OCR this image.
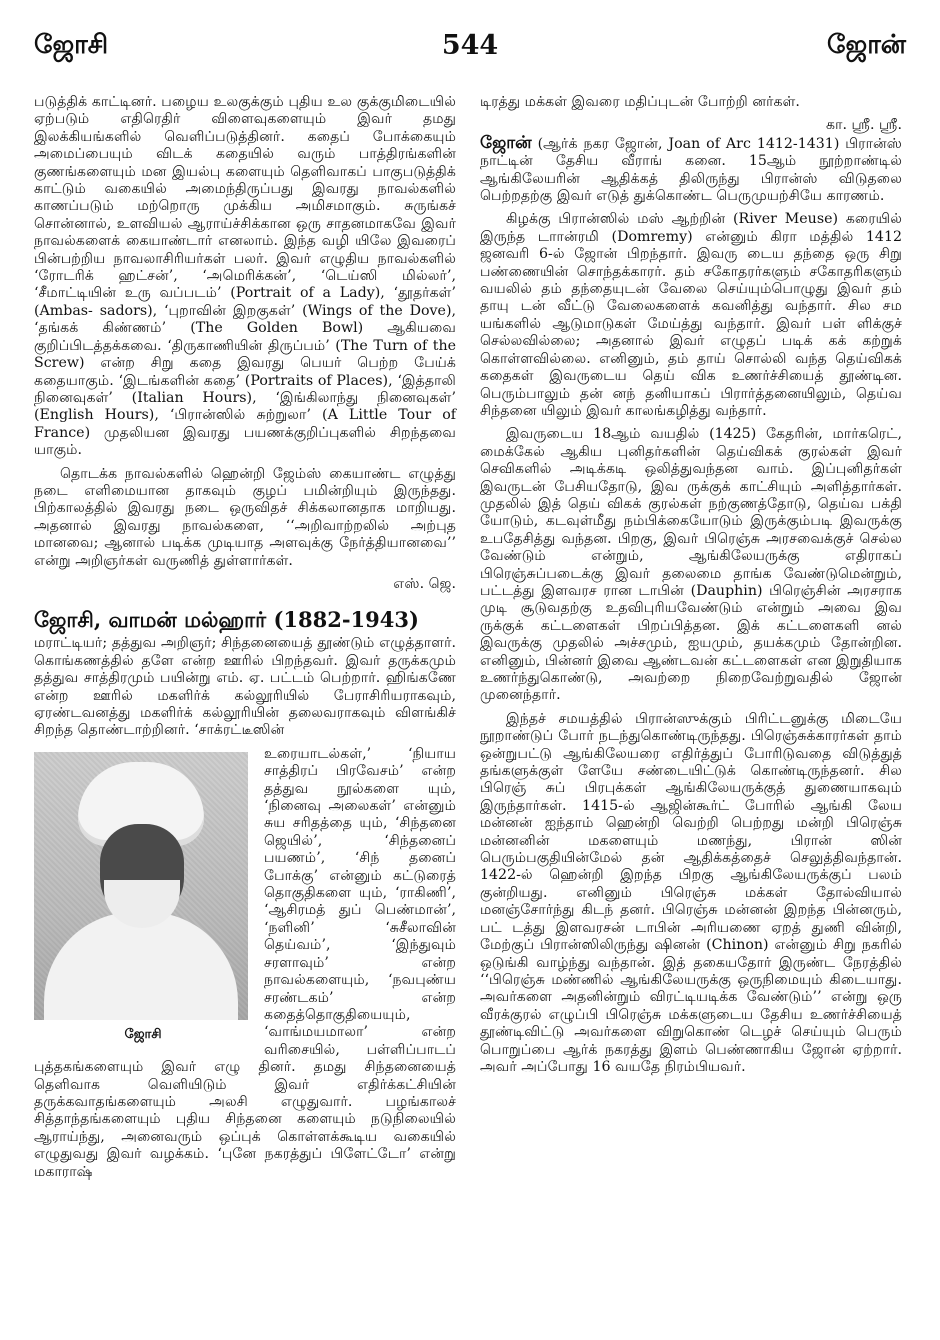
ஜோசி	544	ஜோன்

படுத்திக் காட்டினர். பழைய உலகுக்கும் புதிய உல குக்குமிடையில் ஏற்படும் எதிரெதிர் விளைவுகளையும் இவர் தமது இலக்கியங்களில் வெளிப்படுத்தினர். கதைப் போக்கையும் அமைப்பையும் விடக் கதையில் வரும் பாத்திரங்களின் குணங்களையும் மன இயல்பு களையும் தெளிவாகப் பாகுபடுத்திக் காட்டும் வகையில் அமைந்திருப்பது இவரது நாவல்களில் காணப்படும் மற்றொரு முக்கிய அமிசமாகும். சுருங்கச் சொன்னால், உளவியல் ஆராய்ச்சிக்கான ஒரு சாதனமாகவே இவர் நாவல்களைக் கையாண்டார் எனலாம். இந்த வழி யிலே இவரைப் பின்பற்றிய நாவலாசிரியர்கள் பலர். இவர் எழுதிய நாவல்களில் ‘ரோடரிக் ஹட்சன்’, ‘அமெரிக்கன்’, ‘டெய்ஸி மில்லர்’, ‘சீமாட்டியின் உரு வப்படம்’ (Portrait of a Lady), ‘தூதர்கள்’ (Ambas- sadors), ‘புறாவின் இறகுகள்’ (Wings of the Dove), ‘தங்கக் கிண்ணம்’ (The Golden Bowl) ஆகியவை குறிப்பிடத்தக்கவை. ‘திருகாணியின் திருப்பம்’ (The Turn of the Screw) என்ற சிறு கதை இவரது பெயர் பெற்ற பேய்க் கதையாகும். ‘இடங்களின் கதை’ (Portraits of Places), ‘இத்தாலி நினைவுகள்’ (Italian Hours), ‘இங்கிலாந்து நினைவுகள்’ (English Hours), ‘பிரான்ஸில் சுற்றுலா’ (A Little Tour of France) முதலியன இவரது பயணக்குறிப்புகளில் சிறந்தவை யாகும்.

தொடக்க நாவல்களில் ஹென்றி ஜேம்ஸ் கையாண்ட எழுத்து நடை எளிமையான தாகவும் குழப் பமின்றியும் இருந்தது. பிற்காலத்தில் இவரது நடை ஒருவிதச் சிக்கலானதாக மாறியது. அதனால் இவரது நாவல்களை, ‘‘அறிவாற்றலில் அற்புத மானவை; ஆனால் படிக்க முடியாத அளவுக்கு நேர்த்தியானவை’’ என்று அறிஞர்கள் வருணித் துள்ளார்கள்.

எஸ். ஜெ.
ஜோசி, வாமன் மல்ஹார் (1882-1943)

மராட்டியர்; தத்துவ அறிஞர்; சிந்தனையைத் தூண்டும் எழுத்தாளர். கொங்கணத்தில் தளே என்ற ஊரில் பிறந்தவர். இவர் தருக்கமும் தத்துவ சாத்திரமும் பயின்று எம். ஏ. பட்டம் பெற்றார். ஹிங்கணே என்ற ஊரில் மகளிர்க் கல்லூரியில் பேராசிரியராகவும், ஏரண்டவனத்து மகளிர்க் கல்லூரியின் தலைவராகவும் விளங்கிச் சிறந்த தொண்டாற்றினர். ‘சாக்ரட்டீஸின்

ஜோசி

உரையாடல்கள்,’ ‘நியாய சாத்திரப் பிரவேசம்’ என்ற தத்துவ நூல்களை யும், ‘நினைவு அலைகள்’ என்னும் சுய சரிதத்தை யும், ‘சிந்தனை ஜெயில்’, ‘சிந்தனைப் பயணம்’, ‘சிந் தனைப் போக்கு’ என்னும் கட்டுரைத் தொகுதிகளை யும், ‘ராகிணி’, ‘ஆசிரமத் துப் பெண்மான்’, ‘நளினி’ ‘சுசீலாவின் தெய்வம்’, ‘இந்துவும் சரளாவும்’ என்ற நாவல்களையும், ‘நவபுண்ய சரண்டகம்’ என்ற கதைத்தொகுதியையும், ‘வாங்மயமாலா’ என்ற வரிசையில், பள்ளிப்பாடப் புத்தகங்களையும் இவர் எழு தினர். தமது சிந்தனையைத் தெளிவாக வெளியிடும் இவர் எதிர்க்கட்சியின் தருக்கவாதங்களையும் அலசி எழுதுவார். பழங்காலச் சித்தாந்தங்களையும் புதிய சிந்தனை களையும் நடுநிலையில் ஆராய்ந்து, அனைவரும் ஒப்புக் கொள்ளக்கூடிய வகையில் எழுதுவது இவர் வழக்கம். ‘புனே நகரத்துப் பிளேட்டோ’ என்று மகாராஷ்

டிரத்து மக்கள் இவரை மதிப்புடன் போற்றி னர்கள்.

கா. ஸ்ரீ. ஸ்ரீ.

ஜோன் (ஆர்க் நகர ஜோன், Joan of Arc 1412-1431) பிரான்ஸ் நாட்டின் தேசிய வீராங் கனை. 15ஆம் நூற்றாண்டில் ஆங்கிலேயரின் ஆதிக்கத் திலிருந்து பிரான்ஸ் விடுதலை பெற்றதற்கு இவர் எடுத் துக்கொண்ட பெருமுயற்சியே காரணம்.

கிழக்கு பிரான்ஸில் மஸ் ஆற்றின் (River Meuse) கரையில் இருந்த டாான்ரமி (Domremy) என்னும் கிரா மத்தில் 1412 ஜனவரி 6-ல் ஜோன் பிறந்தார். இவரு டைய தந்தை ஒரு சிறு பண்ணையின் சொந்தக்காரர். தம் சகோதரர்களும் சகோதரிகளும் வயலில் தம் தந்தையுடன் வேலை செய்யும்பொழுது இவர் தம் தாயு டன் வீட்டு வேலைகளைக் கவனித்து வந்தார். சில சம யங்களில் ஆடுமாடுகள் மேய்த்து வந்தார். இவர் பள் ளிக்குச் செல்லவில்லை; அதனால் இவர் எழுதப் படிக் கக் கற்றுக் கொள்ளவில்லை. எனினும், தம் தாய் சொல்லி வந்த தெய்விகக் கதைகள் இவருடைய தெய் விக உணர்ச்சியைத் தூண்டின. பெரும்பாலும் தன் னந் தனியாகப் பிரார்த்தனையிலும், தெய்வ சிந்தனை யிலும் இவர் காலங்கழித்து வந்தார்.

இவருடைய 18ஆம் வயதில் (1425) கேதரின், மார்கரெட், மைக்கேல் ஆகிய புனிதர்களின் தெய்விகக் குரல்கள் இவர் செவிகளில் அடிக்கடி ஒலித்துவந்தன வாம். இப்புனிதர்கள் இவருடன் பேசியதோடு, இவ ருக்குக் காட்சியும் அளித்தார்கள். முதலில் இத் தெய் விகக் குரல்கள் நற்குணத்தோடு, தெய்வ பக்தி யோடும், கடவுள்மீது நம்பிக்கையோடும் இருக்கும்படி இவருக்கு உபதேசித்து வந்தன. பிறகு, இவர் பிரெஞ்சு அரசவைக்குச் செல்ல வேண்டும் என்றும், ஆங்கிலேயருக்கு எதிராகப் பிரெஞ்சுப்படைக்கு இவர் தலைமை தாங்க வேண்டுமென்றும், பட்டத்து இளவரச ரான டாபின் (Dauphin) பிரெஞ்சின் அரசராக முடி சூடுவதற்கு உதவிபுரியவேண்டும் என்றும் அவை இவ ருக்குக் கட்டளைகள் பிறப்பித்தன. இக் கட்டளைகளி னல் இவருக்கு முதலில் அச்சமும், ஐயமும், தயக்கமும் தோன்றின. எனினும், பின்னர் இவை ஆண்டவன் கட்டளைகள் என இறுதியாக உணர்ந்துகொண்டு, அவற்றை நிறைவேற்றுவதில் ஜோன் முனைந்தார்.

இந்தச் சமயத்தில் பிரான்ஸுக்கும் பிரிட்டனுக்கு மிடையே நூறாண்டுப் போர் நடந்துகொண்டிருந்தது. பிரெஞ்சுக்காரர்கள் தாம் ஒன்றுபட்டு ஆங்கிலேயரை எதிர்த்துப் போரிடுவதை விடுத்துத் தங்களுக்குள் ளேயே சண்டையிட்டுக் கொண்டிருந்தனர். சில பிரெஞ் சுப் பிரபுக்கள் ஆங்கிலேயருக்குத் துணையாகவும் இருந்தார்கள். 1415-ல் ஆஜின்கூர்ட் போரில் ஆங்கி லேய மன்னன் ஐந்தாம் ஹென்றி வெற்றி பெற்றது மன்றி பிரெஞ்சு மன்னனின் மகளையும் மணந்து, பிரான் ஸின் பெரும்பகுதியின்மேல் தன் ஆதிக்கத்தைச் செலுத்திவந்தான். 1422-ல் ஹென்றி இறந்த பிறகு ஆங்கிலேயருக்குப் பலம் குன்றியது. எனினும் பிரெஞ்சு மக்கள் தோல்வியால் மனஞ்சோர்ந்து கிடந் தனர். பிரெஞ்சு மன்னன் இறந்த பின்னரும், பட் டத்து இளவரசன் டாபின் அரியணை ஏறத் துணி வின்றி, மேற்குப் பிரான்ஸிலிருந்து ஷினன் (Chinon) என்னும் சிறு நகரில் ஒடுங்கி வாழ்ந்து வந்தான். இத் தகையதோர் இருண்ட நேரத்தில் ‘‘பிரெஞ்சு மண்ணில் ஆங்கிலேயருக்கு ஒருநிமையும் கிடையாது. அவர்களை அதனின்றும் விரட்டியடிக்க வேண்டும்’’ என்று ஒரு வீரக்குரல் எழுப்பி பிரெஞ்சு மக்களுடைய தேசிய உணர்ச்சியைத் தூண்டிவிட்டு அவர்களை விறுகொண் டெழச் செய்யும் பெரும் பொறுப்பை ஆர்க் நகரத்து இளம் பெண்ணாகிய ஜோன் ஏற்றார். அவர் அப்போது 16 வயதே நிரம்பியவர்.
